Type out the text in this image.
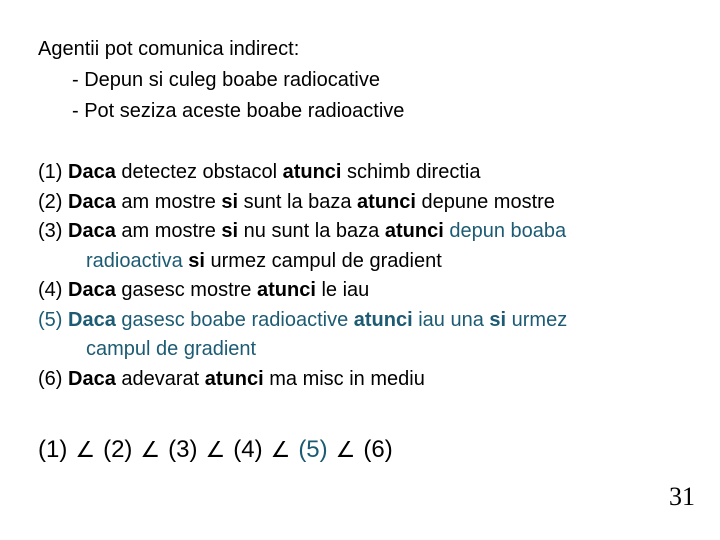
Agentii pot comunica indirect:
- Depun si culeg boabe radiocative
- Pot seziza aceste boabe radioactive
(1) Daca detectez obstacol atunci schimb directia
(2) Daca am mostre si sunt la baza atunci depune mostre
(3) Daca am mostre si nu sunt la baza atunci depun boaba
radioactiva si urmez campul de gradient
(4) Daca gasesc mostre atunci le iau
(5) Daca gasesc boabe radioactive atunci iau una si urmez
campul de gradient
(6) Daca adevarat atunci ma misc in mediu
(1) ∠ (2) ∠ (3) ∠ (4) ∠ (5) ∠ (6)
31
